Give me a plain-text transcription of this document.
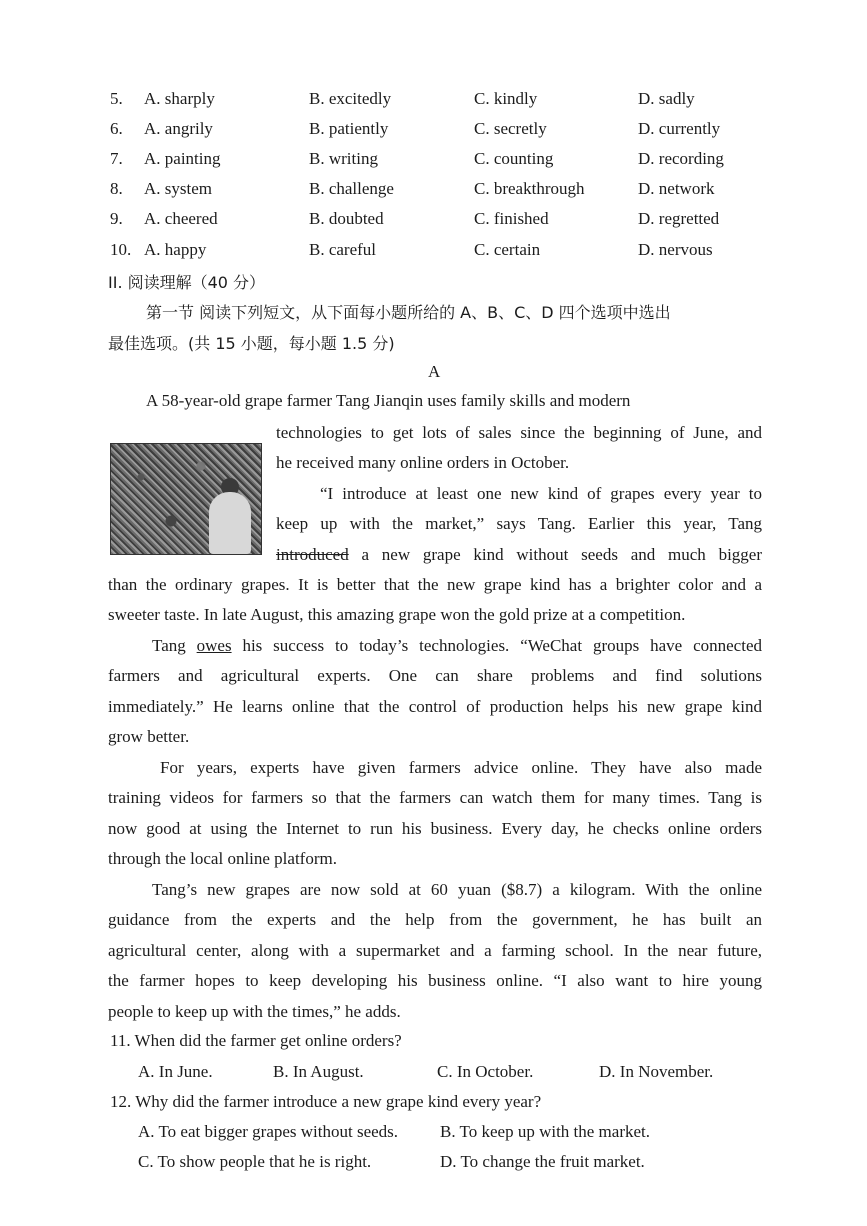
5. A. sharply	B. excitedly	C. kindly	D. sadly
6. A. angrily	B. patiently	C. secretly	D. currently
7. A. painting	B. writing	C. counting	D. recording
8. A. system	B. challenge	C. breakthrough	D. network
9. A. cheered	B. doubted	C. finished	D. regretted
10. A. happy	B. careful	C. certain	D. nervous
II. 阅读理解（40 分）
第一节 阅读下列短文，从下面每小题所给的 A、B、C、D 四个选项中选出
最佳选项。(共 15 小题，每小题 1.5 分)
A
A 58-year-old grape farmer Tang Jianqin uses family skills and modern
technologies to get lots of sales since the beginning of June, and
he received many online orders in October.
“I introduce at least one new kind of grapes every year to
keep up with the market,” says Tang. Earlier this year, Tang
introduced a new grape kind without seeds and much bigger
than the ordinary grapes. It is better that the new grape kind has a brighter color and a
sweeter taste. In late August, this amazing grape won the gold prize at a competition.
Tang owes his success to today’s technologies. “WeChat groups have connected
farmers and agricultural experts. One can share problems and find solutions
immediately.” He learns online that the control of production helps his new grape kind
grow better.
For years, experts have given farmers advice online. They have also made
training videos for farmers so that the farmers can watch them for many times. Tang is
now good at using the Internet to run his business. Every day, he checks online orders
through the local online platform.
Tang’s new grapes are now sold at 60 yuan ($8.7) a kilogram. With the online
guidance from the experts and the help from the government, he has built an
agricultural center, along with a supermarket and a farming school. In the near future,
the farmer hopes to keep developing his business online. “I also want to hire young
people to keep up with the times,” he adds.
11. When did the farmer get online orders?
A. In June.	B. In August.	C. In October.	D. In November.
12. Why did the farmer introduce a new grape kind every year?
A. To eat bigger grapes without seeds. B. To keep up with the market.
C. To show people that he is right.	D. To change the fruit market.
